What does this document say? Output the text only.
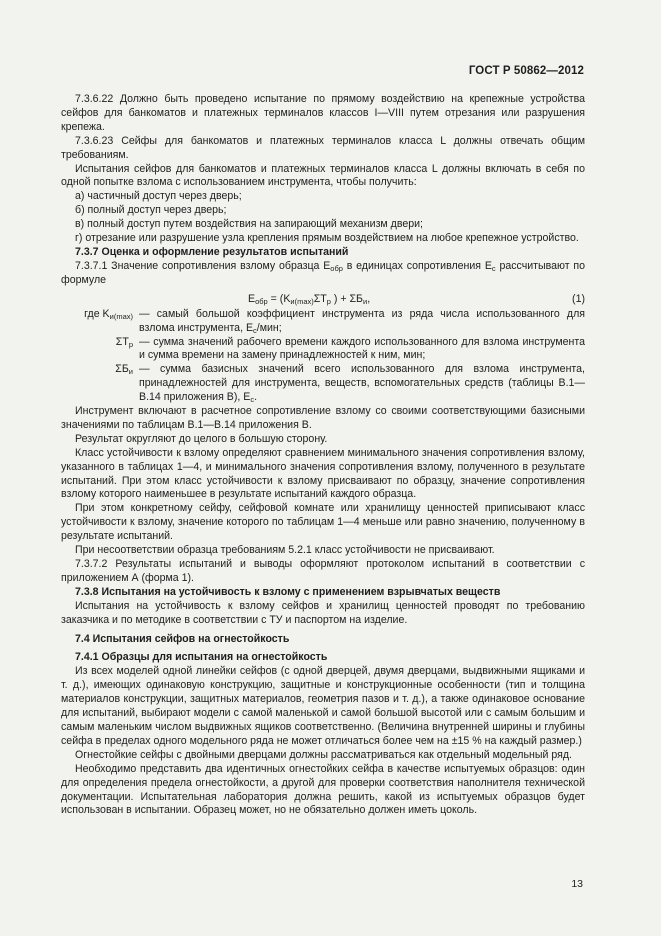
ГОСТ Р 50862—2012

7.3.6.22 Должно быть проведено испытание по прямому воздействию на крепежные устройства сейфов для банкоматов и платежных терминалов классов I—VIII путем отрезания или разрушения крепежа.

7.3.6.23 Сейфы для банкоматов и платежных терминалов класса L должны отвечать общим требованиям.

Испытания сейфов для банкоматов и платежных терминалов класса L должны включать в себя по одной попытке взлома с использованием инструмента, чтобы получить:

а) частичный доступ через дверь;

б) полный доступ через дверь;

в) полный доступ путем воздействия на запирающий механизм двери;

г) отрезание или разрушение узла крепления прямым воздействием на любое крепежное устройство.

7.3.7 Оценка и оформление результатов испытаний

7.3.7.1 Значение сопротивления взлому образца $E_{обр}$ в единицах сопротивления $E_c$ рассчитывают по формуле

$E_{обр} = (K_{и(max)}\Sigma T_р$ ) + $\Sigma Б_и$,	(1)
где $K_{и(max)}$ — самый большой коэффициент инструмента из ряда числа использованного для взлома инструмента, $E_c$/мин;

$\Sigma T_р$ — сумма значений рабочего времени каждого использованного для взлома инструмента и сумма времени на замену принадлежностей к ним, мин;

$\Sigma Б_и$ — сумма базисных значений всего использованного для взлома инструмента, принадлежностей для инструмента, веществ, вспомогательных средств (таблицы В.1—В.14 приложения В), $E_c$.

Инструмент включают в расчетное сопротивление взлому со своими соответствующими базисными значениями по таблицам В.1—В.14 приложения В.

Результат округляют до целого в большую сторону.

Класс устойчивости к взлому определяют сравнением минимального значения сопротивления взлому, указанного в таблицах 1—4, и минимального значения сопротивления взлому, полученного в результате испытаний. При этом класс устойчивости к взлому присваивают по образцу, значение сопротивления взлому которого наименьшее в результате испытаний каждого образца.

При этом конкретному сейфу, сейфовой комнате или хранилищу ценностей приписывают класс устойчивости к взлому, значение которого по таблицам 1—4 меньше или равно значению, полученному в результате испытаний.

При несоответствии образца требованиям 5.2.1 класс устойчивости не присваивают.

7.3.7.2 Результаты испытаний и выводы оформляют протоколом испытаний в соответствии с приложением А (форма 1).

7.3.8 Испытания на устойчивость к взлому с применением взрывчатых веществ

Испытания на устойчивость к взлому сейфов и хранилищ ценностей проводят по требованию заказчика и по методике в соответствии с ТУ и паспортом на изделие.

7.4 Испытания сейфов на огнестойкость

7.4.1 Образцы для испытания на огнестойкость

Из всех моделей одной линейки сейфов (с одной дверцей, двумя дверцами, выдвижными ящиками и т. д.), имеющих одинаковую конструкцию, защитные и конструкционные особенности (тип и толщина материалов конструкции, защитных материалов, геометрия пазов и т. д.), а также одинаковое основание для испытаний, выбирают модели с самой маленькой и самой большой высотой или с самым большим и самым маленьким числом выдвижных ящиков соответственно. (Величина внутренней ширины и глубины сейфа в пределах одного модельного ряда не может отличаться более чем на ±15 % на каждый размер.)

Огнестойкие сейфы с двойными дверцами должны рассматриваться как отдельный модельный ряд.

Необходимо представить два идентичных огнестойких сейфа в качестве испытуемых образцов: один для определения предела огнестойкости, а другой для проверки соответствия наполнителя технической документации. Испытательная лаборатория должна решить, какой из испытуемых образцов будет использован в испытании. Образец может, но не обязательно должен иметь цоколь.

13
